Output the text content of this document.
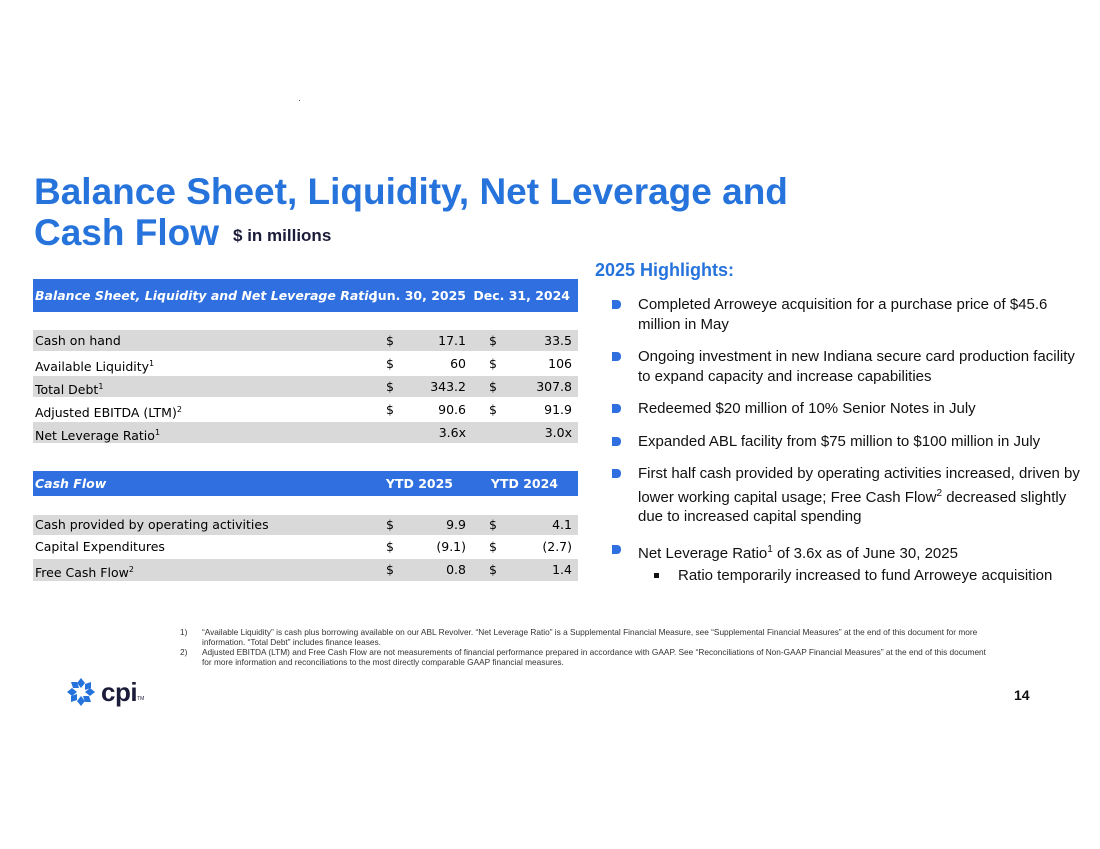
Balance Sheet, Liquidity, Net Leverage and
Cash Flow $ in millions
Balance Sheet, Liquidity and Net Leverage Ratio
Jun. 30, 2025 Dec. 31, 2024
Cash on hand	$	17.1 $	33.5
Available Liquidity$^1$	$	60 $	106
Total Debt$^1$	$	343.2 $	307.8
Adjusted EBITDA (LTM)$^2$	$	90.6 $	91.9
Net Leverage Ratio$^1$	3.6x	3.0x
Cash Flow	YTD 2025	YTD 2024
Cash provided by operating activities	$	9.9 $	4.1
Capital Expenditures	$	(9.1) $	(2.7)
Free Cash Flow$^2$	$	0.8 $	1.4
2025 Highlights:
Completed Arroweye acquisition for a purchase price of $45.6 million in May
Ongoing investment in new Indiana secure card production facility to expand capacity and increase capabilities
Redeemed $20 million of 10% Senior Notes in July
Expanded ABL facility from $75 million to $100 million in July
First half cash provided by operating activities increased, driven by lower working capital usage; Free Cash Flow$^2$ decreased slightly due to increased capital spending
Net Leverage Ratio$^1$ of 3.6x as of June 30, 2025
Ratio temporarily increased to fund Arroweye acquisition
1) “Available Liquidity” is cash plus borrowing available on our ABL Revolver. “Net Leverage Ratio” is a Supplemental Financial Measure, see “Supplemental Financial Measures” at the end of this document for more information. “Total Debt” includes finance leases.
2) Adjusted EBITDA (LTM) and Free Cash Flow are not measurements of financial performance prepared in accordance with GAAP. See “Reconciliations of Non-GAAP Financial Measures” at the end of this document for more information and reconciliations to the most directly comparable GAAP financial measures.
cpi TM	14
